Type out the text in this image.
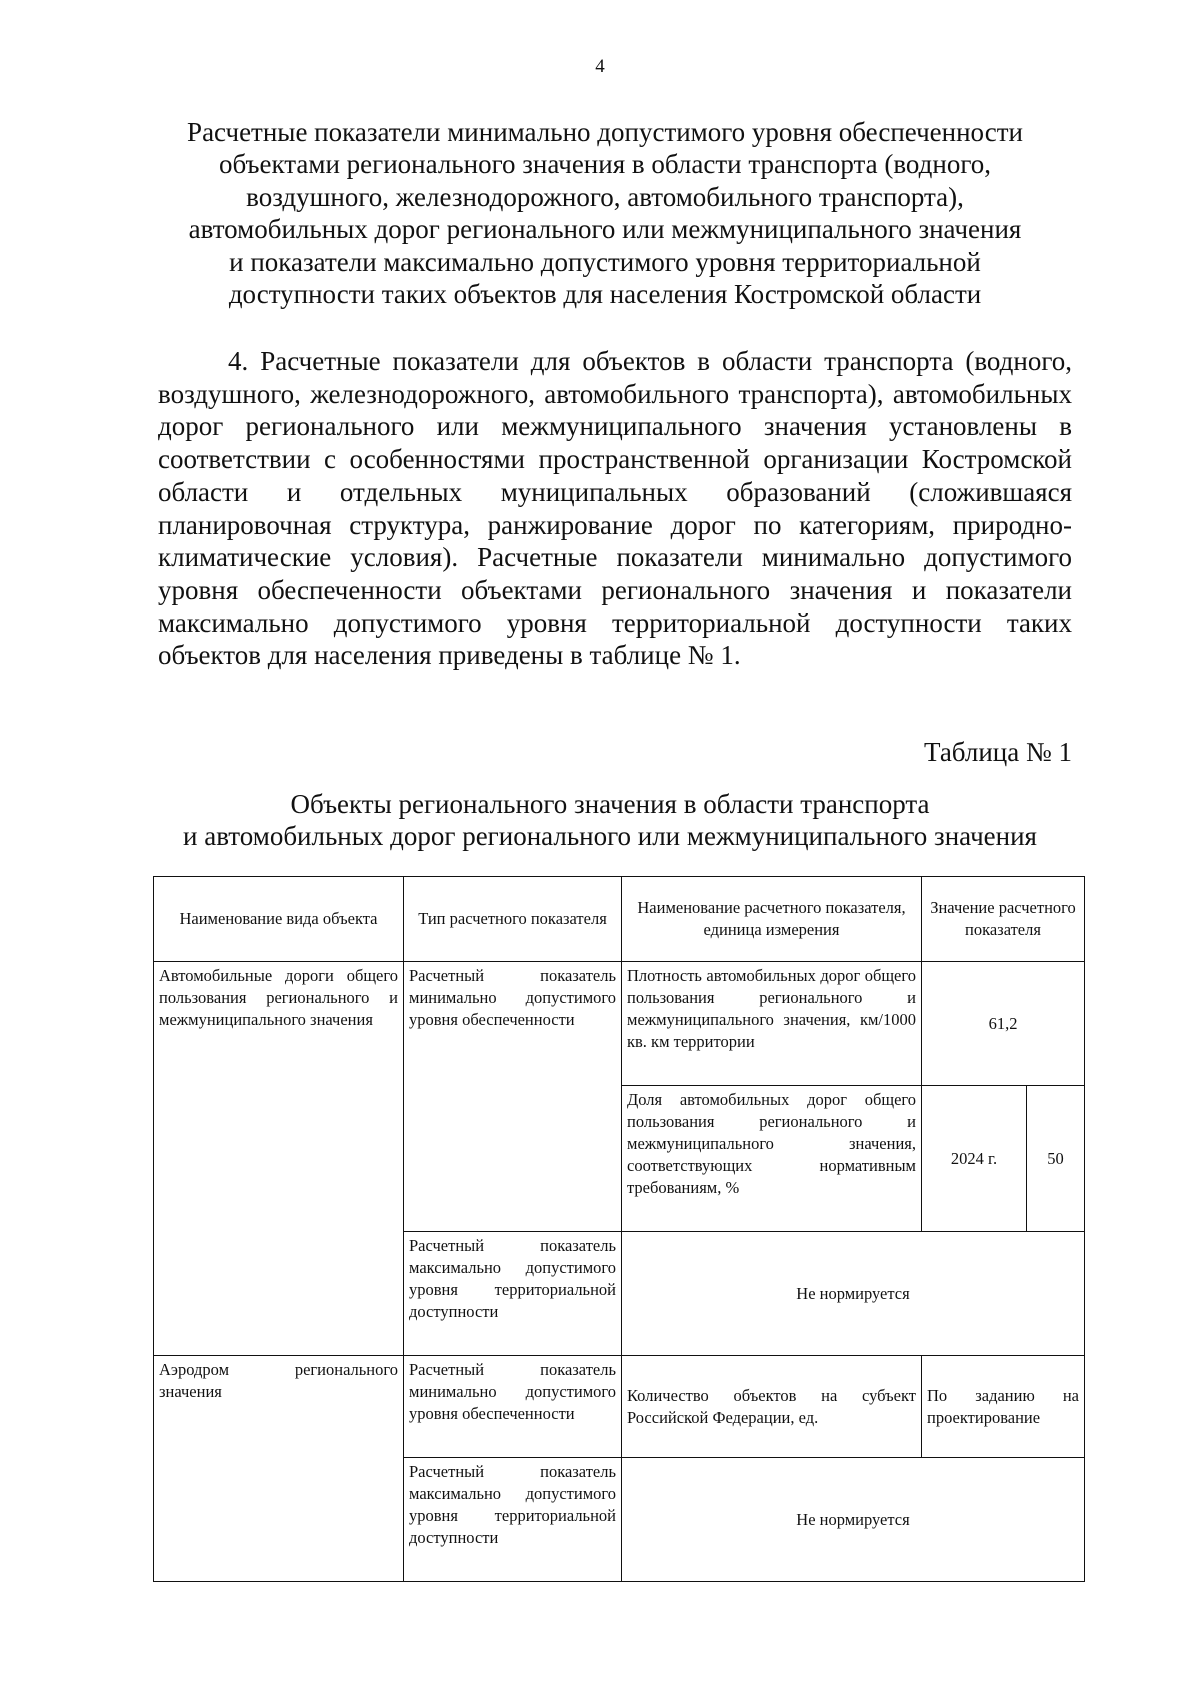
4
Расчетные показатели минимально допустимого уровня обеспеченности
объектами регионального значения в области транспорта (водного,
воздушного, железнодорожного, автомобильного транспорта),
автомобильных дорог регионального или межмуниципального значения
и показатели максимально допустимого уровня территориальной
доступности таких объектов для населения Костромской области

4. Расчетные показатели для объектов в области транспорта (водного, воздушного, железнодорожного, автомобильного транспорта), автомобильных дорог регионального или межмуниципального значения установлены в соответствии с особенностями пространственной организации Костромской области и отдельных муниципальных образований (сложившаяся планировочная структура, ранжирование дорог по категориям, природно-климатические условия). Расчетные показатели минимально допустимого уровня обеспеченности объектами регионального значения и показатели максимально допустимого уровня территориальной доступности таких объектов для населения приведены в таблице № 1.

Таблица № 1
Объекты регионального значения в области транспорта
и автомобильных дорог регионального или межмуниципального значения
Наименование вида объекта	Тип расчетного показателя	Наименование расчетного показателя, единица измерения	Значение расчетного показателя	
Автомобильные дороги общего пользования регионального и межмуниципального значения	Расчетный показатель минимально допустимого уровня обеспеченности	Плотность автомобильных дорог общего пользования регионального и межмуниципального значения, км/1000 кв. км территории	61,2	
		Доля автомобильных дорог общего пользования регионального и межмуниципального значения, соответствующих нормативным требованиям, %	2024 г.	50
	Расчетный показатель максимально допустимого уровня территориальной доступности	Не нормируется		
Аэродром регионального значения	Расчетный показатель минимально допустимого уровня обеспеченности	Количество объектов на субъект Российской Федерации, ед.	По заданию на проектирование	
	Расчетный показатель максимально допустимого уровня территориальной доступности	Не нормируется		
